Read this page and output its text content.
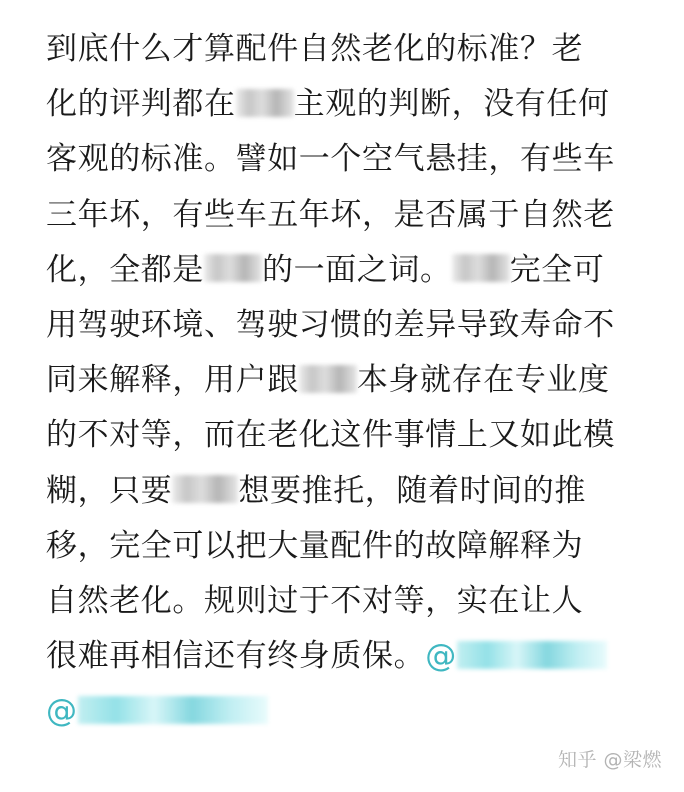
到底什么才算配件自然老化的标准？老
化的评判都在 主观的判断，没有任何
客观的标准。譬如一个空气悬挂，有些车
三年坏，有些车五年坏，是否属于自然老
化，全都是 的一面之词。 完全可
用驾驶环境、驾驶习惯的差异导致寿命不
同来解释，用户跟 本身就存在专业度
的不对等，而在老化这件事情上又如此模
糊，只要 想要推托，随着时间的推
移，完全可以把大量配件的故障解释为
自然老化。规则过于不对等，实在让人
很难再相信还有终身质保。@
@
知乎 @梁燃
